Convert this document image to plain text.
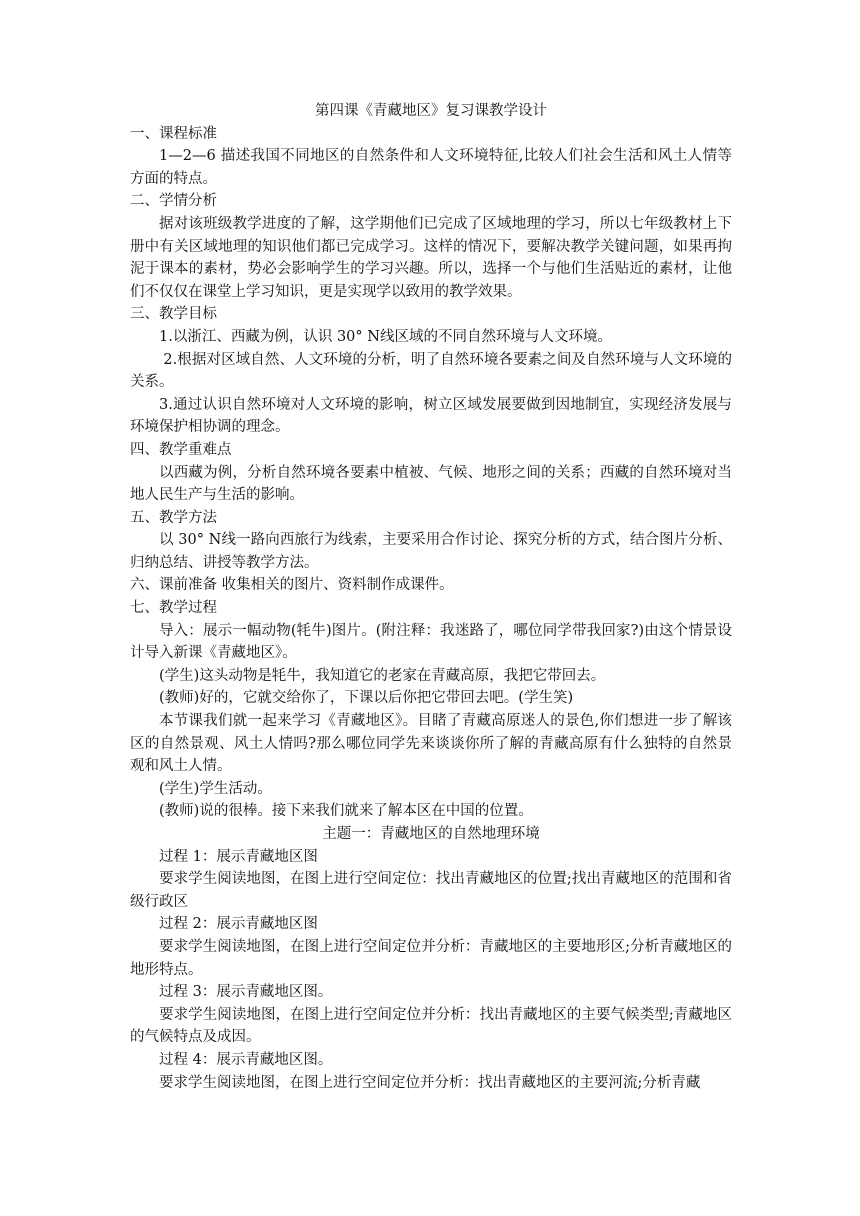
第四课《青藏地区》复习课教学设计

一、课程标准

1—2—6 描述我国不同地区的自然条件和人文环境特征,比较人们社会生活和风土人情等方面的特点。

二、学情分析

据对该班级教学进度的了解，这学期他们已完成了区域地理的学习，所以七年级教材上下册中有关区域地理的知识他们都已完成学习。这样的情况下，要解决教学关键问题，如果再拘泥于课本的素材，势必会影响学生的学习兴趣。所以，选择一个与他们生活贴近的素材，让他们不仅仅在课堂上学习知识，更是实现学以致用的教学效果。

三、教学目标

1.以浙江、西藏为例，认识 30° N线区域的不同自然环境与人文环境。

2.根据对区域自然、人文环境的分析，明了自然环境各要素之间及自然环境与人文环境的关系。

3.通过认识自然环境对人文环境的影响，树立区域发展要做到因地制宜，实现经济发展与环境保护相协调的理念。

四、教学重难点

以西藏为例，分析自然环境各要素中植被、气候、地形之间的关系；西藏的自然环境对当地人民生产与生活的影响。

五、教学方法

以 30° N线一路向西旅行为线索，主要采用合作讨论、探究分析的方式，结合图片分析、归纳总结、讲授等教学方法。

六、课前准备 收集相关的图片、资料制作成课件。

七、教学过程

导入：展示一幅动物(牦牛)图片。(附注释：我迷路了，哪位同学带我回家?)由这个情景设计导入新课《青藏地区》。

(学生)这头动物是牦牛，我知道它的老家在青藏高原，我把它带回去。

(教师)好的，它就交给你了，下课以后你把它带回去吧。(学生笑)

本节课我们就一起来学习《青藏地区》。目睹了青藏高原迷人的景色,你们想进一步了解该区的自然景观、风土人情吗?那么哪位同学先来谈谈你所了解的青藏高原有什么独特的自然景观和风土人情。

(学生)学生活动。

(教师)说的很棒。接下来我们就来了解本区在中国的位置。

主题一：青藏地区的自然地理环境

过程 1：展示青藏地区图

要求学生阅读地图，在图上进行空间定位：找出青藏地区的位置;找出青藏地区的范围和省级行政区

过程 2：展示青藏地区图

要求学生阅读地图，在图上进行空间定位并分析：青藏地区的主要地形区;分析青藏地区的地形特点。

过程 3：展示青藏地区图。

要求学生阅读地图，在图上进行空间定位并分析：找出青藏地区的主要气候类型;青藏地区的气候特点及成因。

过程 4：展示青藏地区图。

要求学生阅读地图，在图上进行空间定位并分析：找出青藏地区的主要河流;分析青藏
